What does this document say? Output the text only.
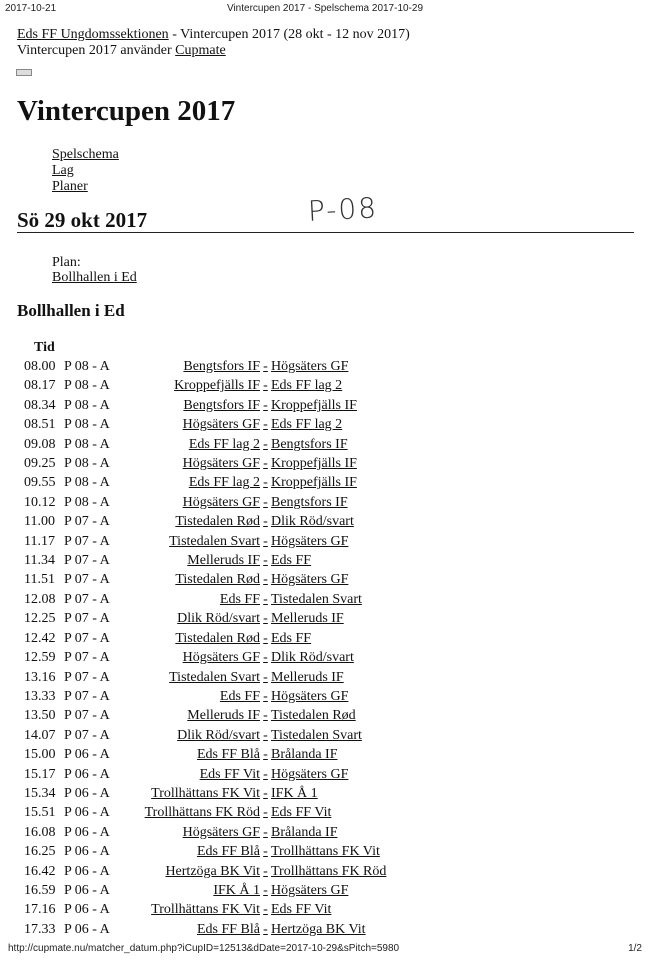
2017-10-21	Vintercupen 2017 - Spelschema 2017-10-29
Eds FF Ungdomssektionen - Vintercupen 2017 (28 okt - 12 nov 2017)
Vintercupen 2017 använder Cupmate
Vintercupen 2017
Spelschema
Lag
Planer
Sö 29 okt 2017	P-08
Plan:
Bollhallen i Ed
Bollhallen i Ed
Tid
08.00	P 08 - A	Bengtsfors IF	-	Högsäters GF
08.17	P 08 - A	Kroppefjälls IF	-	Eds FF lag 2
08.34	P 08 - A	Bengtsfors IF	-	Kroppefjälls IF
08.51	P 08 - A	Högsäters GF	-	Eds FF lag 2
09.08	P 08 - A	Eds FF lag 2	-	Bengtsfors IF
09.25	P 08 - A	Högsäters GF	-	Kroppefjälls IF
09.55	P 08 - A	Eds FF lag 2	-	Kroppefjälls IF
10.12	P 08 - A	Högsäters GF	-	Bengtsfors IF
11.00	P 07 - A	Tistedalen Rød	-	Dlik Röd/svart
11.17	P 07 - A	Tistedalen Svart	-	Högsäters GF
11.34	P 07 - A	Melleruds IF	-	Eds FF
11.51	P 07 - A	Tistedalen Rød	-	Högsäters GF
12.08	P 07 - A	Eds FF	-	Tistedalen Svart
12.25	P 07 - A	Dlik Röd/svart	-	Melleruds IF
12.42	P 07 - A	Tistedalen Rød	-	Eds FF
12.59	P 07 - A	Högsäters GF	-	Dlik Röd/svart
13.16	P 07 - A	Tistedalen Svart	-	Melleruds IF
13.33	P 07 - A	Eds FF	-	Högsäters GF
13.50	P 07 - A	Melleruds IF	-	Tistedalen Rød
14.07	P 07 - A	Dlik Röd/svart	-	Tistedalen Svart
15.00	P 06 - A	Eds FF Blå	-	Brålanda IF
15.17	P 06 - A	Eds FF Vit	-	Högsäters GF
15.34	P 06 - A	Trollhättans FK Vit	-	IFK Å 1
15.51	P 06 - A	Trollhättans FK Röd	-	Eds FF Vit
16.08	P 06 - A	Högsäters GF	-	Brålanda IF
16.25	P 06 - A	Eds FF Blå	-	Trollhättans FK Vit
16.42	P 06 - A	Hertzöga BK Vit	-	Trollhättans FK Röd
16.59	P 06 - A	IFK Å 1	-	Högsäters GF
17.16	P 06 - A	Trollhättans FK Vit	-	Eds FF Vit
17.33	P 06 - A	Eds FF Blå	-	Hertzöga BK Vit
http://cupmate.nu/matcher_datum.php?iCupID=12513&dDate=2017-10-29&sPitch=5980	1/2
